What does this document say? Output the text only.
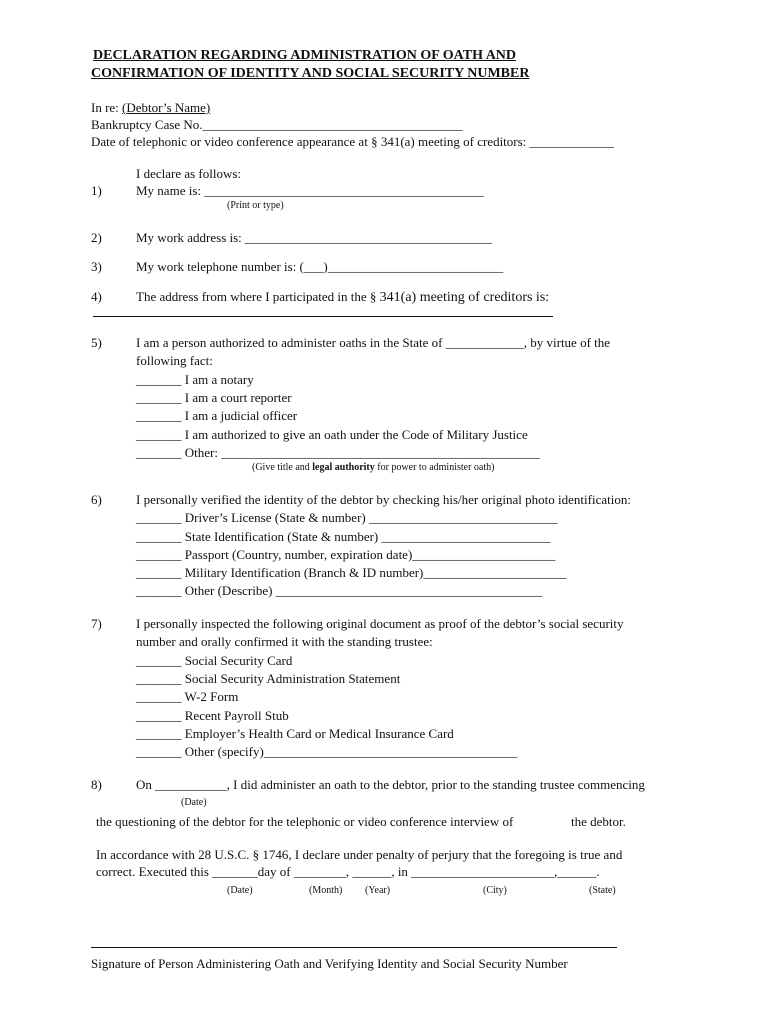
DECLARATION REGARDING ADMINISTRATION OF OATH AND
CONFIRMATION OF IDENTITY AND SOCIAL SECURITY NUMBER
In re: (Debtor’s Name)
Bankruptcy Case No.________________________________________
Date of telephonic or video conference appearance at § 341(a) meeting of creditors: _____________
I declare as follows:
1)	My name is: ___________________________________________
(Print or type)
2)	My work address is: ______________________________________
3)	My work telephone number is: (___)___________________________
4)	The address from where I participated in the § 341(a) meeting of creditors is:
5)	I am a person authorized to administer oaths in the State of ____________, by virtue of the
following fact:
_______ I am a notary
_______ I am a court reporter
_______ I am a judicial officer
_______ I am authorized to give an oath under the Code of Military Justice
_______ Other: _________________________________________________
(Give title and legal authority for power to administer oath)
6)	I personally verified the identity of the debtor by checking his/her original photo identification:
_______ Driver’s License (State & number) _____________________________
_______ State Identification (State & number) __________________________
_______ Passport (Country, number, expiration date)______________________
_______ Military Identification (Branch & ID number)______________________
_______ Other (Describe) _________________________________________
7)	I personally inspected the following original document as proof of the debtor’s social security
number and orally confirmed it with the standing trustee:
_______ Social Security Card
_______ Social Security Administration Statement
_______ W-2 Form
_______ Recent Payroll Stub
_______ Employer’s Health Card or Medical Insurance Card
_______ Other (specify)_______________________________________
8)	On ___________, I did administer an oath to the debtor, prior to the standing trustee commencing
(Date)
the questioning of the debtor for the telephonic or video conference interview of	the debtor.
In accordance with 28 U.S.C. § 1746, I declare under penalty of perjury that the foregoing is true and
correct. Executed this _______day of ________, ______, in ______________________,______.
(Date)	(Month) (Year)	(City)	(State)
Signature of Person Administering Oath and Verifying Identity and Social Security Number
